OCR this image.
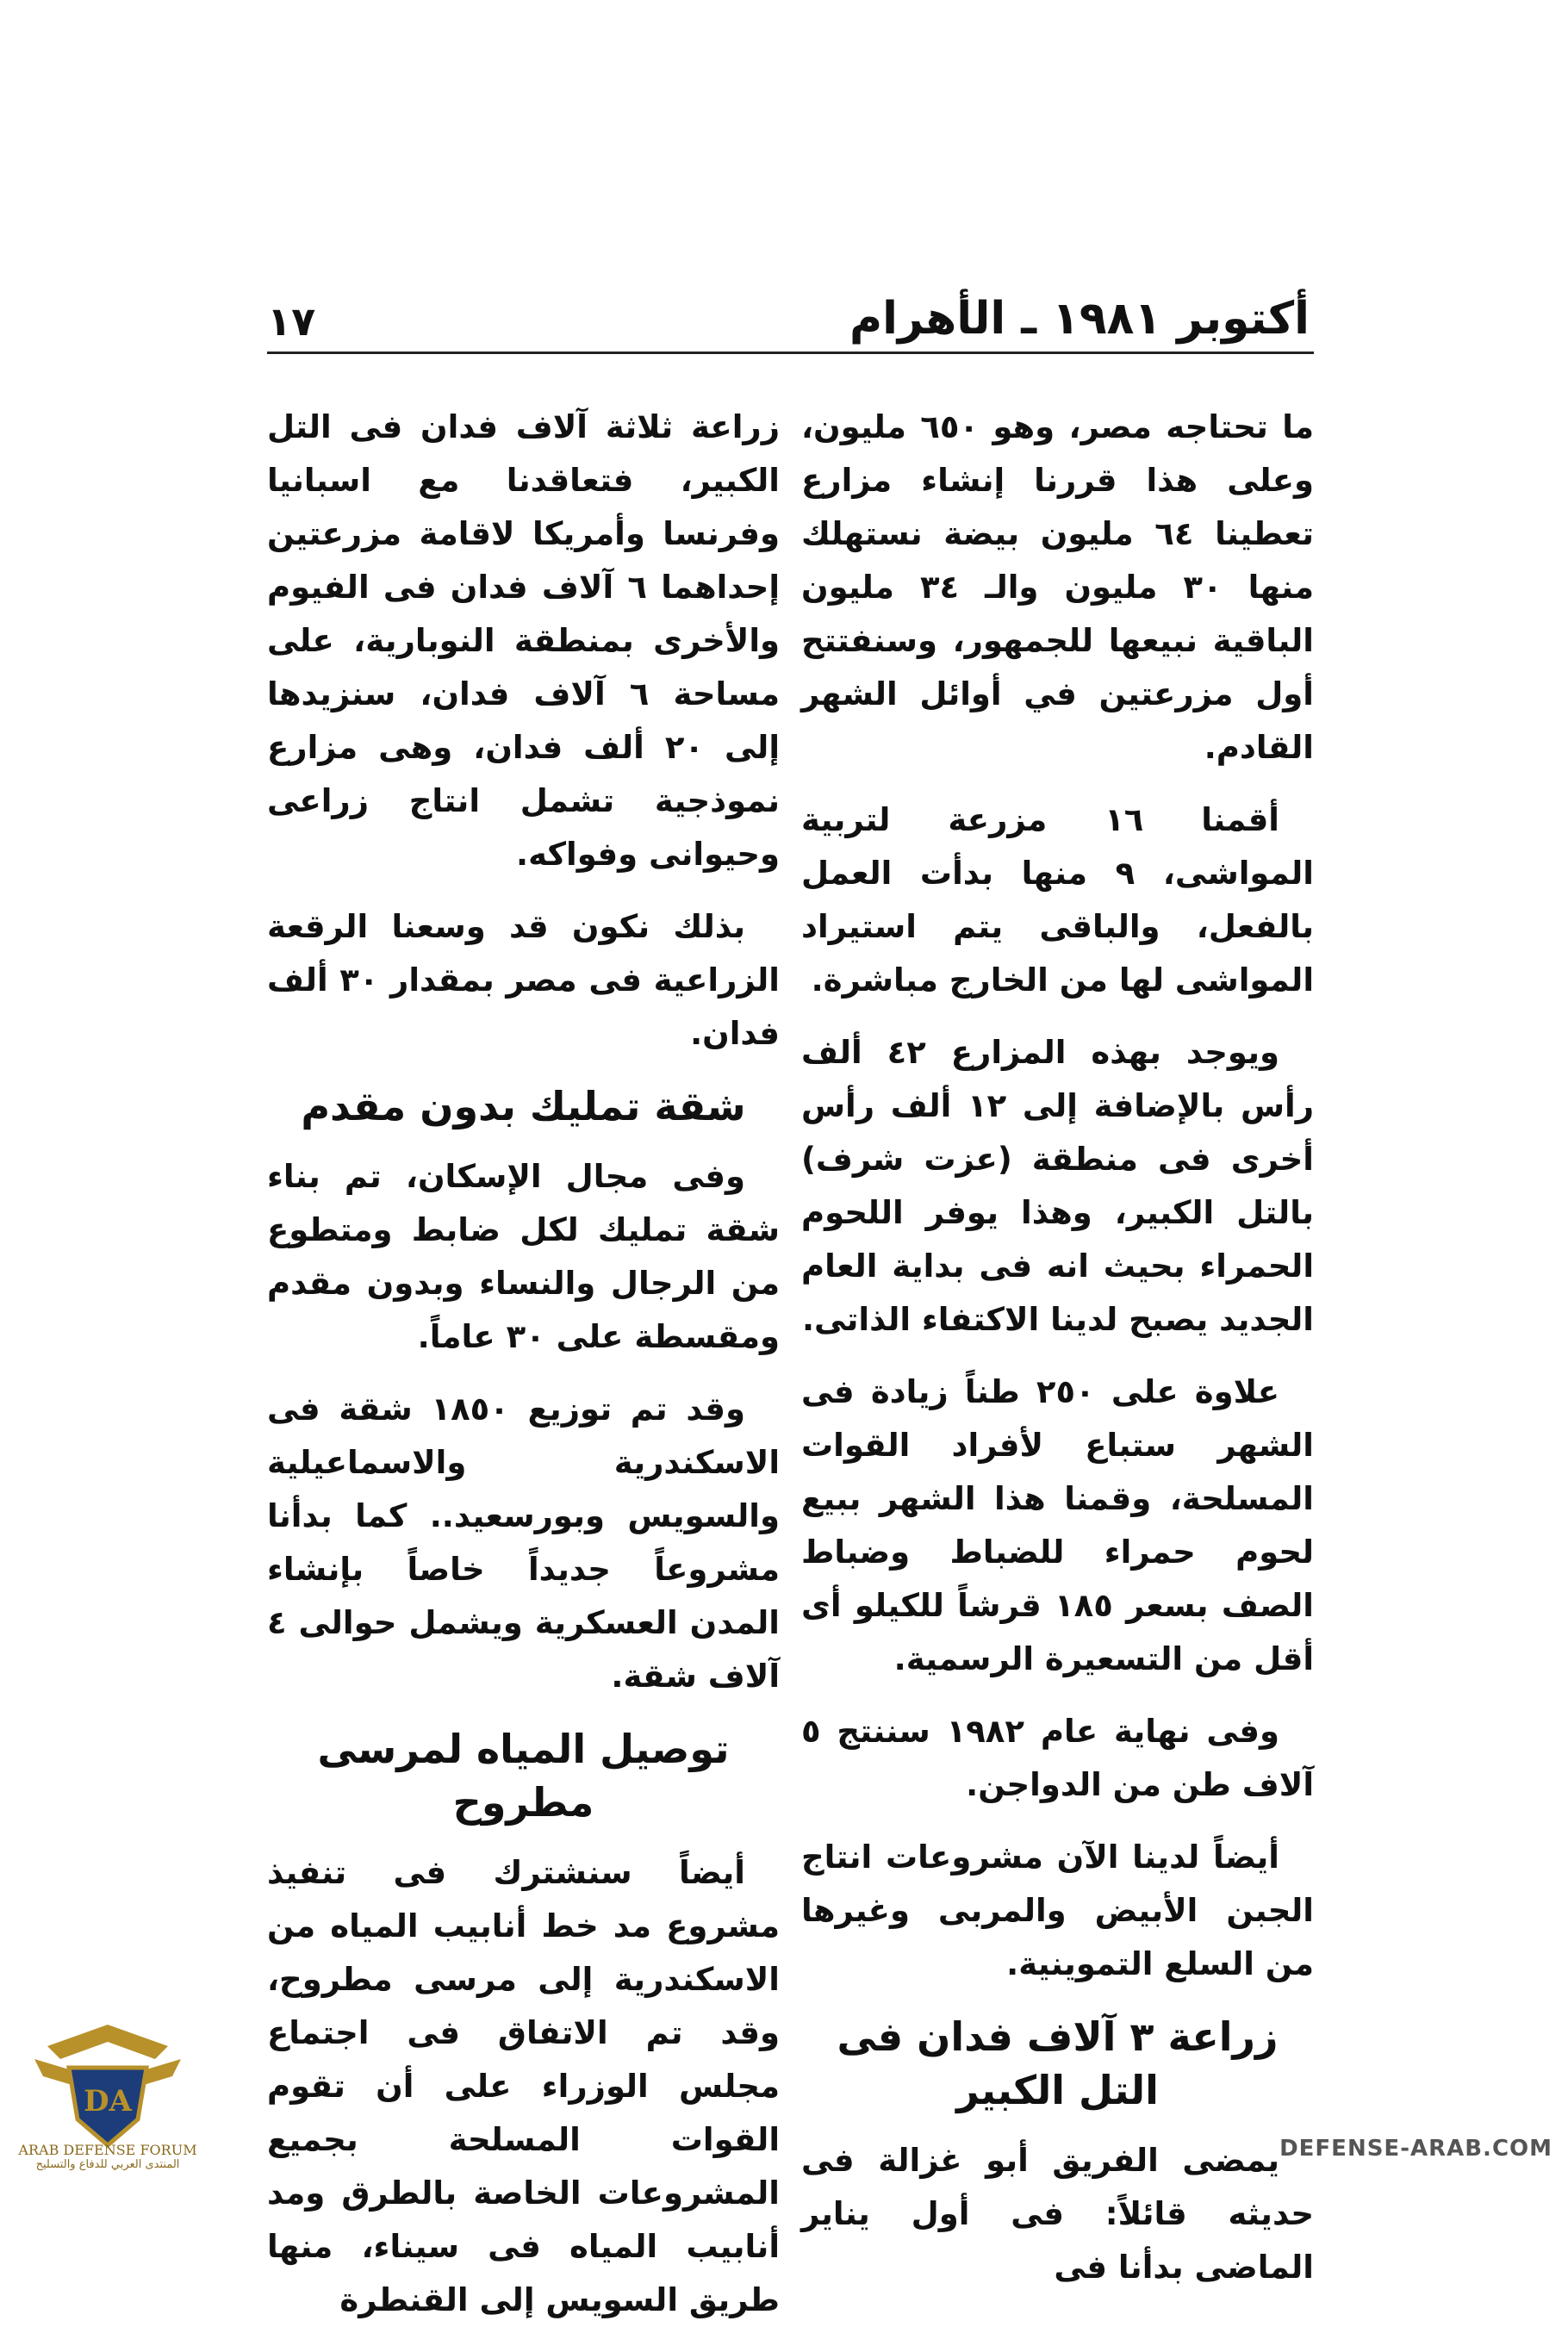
أكتوبر ١٩٨١ ـ الأهرام
١٧

ما تحتاجه مصر، وهو ٦٥٠ مليون، وعلى هذا قررنا إنشاء مزارع تعطينا ٦٤ مليون بيضة نستهلك منها ٣٠ مليون والـ ٣٤ مليون الباقية نبيعها للجمهور، وسنفتتح أول مزرعتين في أوائل الشهر القادم.

أقمنا ١٦ مزرعة لتربية المواشى، ٩ منها بدأت العمل بالفعل، والباقى يتم استيراد المواشى لها من الخارج مباشرة.

ويوجد بهذه المزارع ٤٢ ألف رأس بالإضافة إلى ١٢ ألف رأس أخرى فى منطقة (عزت شرف) بالتل الكبير، وهذا يوفر اللحوم الحمراء بحيث انه فى بداية العام الجديد يصبح لدينا الاكتفاء الذاتى.

علاوة على ٢٥٠ طناً زيادة فى الشهر ستباع لأفراد القوات المسلحة، وقمنا هذا الشهر ببيع لحوم حمراء للضباط وضباط الصف بسعر ١٨٥ قرشاً للكيلو أى أقل من التسعيرة الرسمية.

وفى نهاية عام ١٩٨٢ سننتج ٥ آلاف طن من الدواجن.

أيضاً لدينا الآن مشروعات انتاج الجبن الأبيض والمربى وغيرها من السلع التموينية.

زراعة ٣ آلاف فدان فى التل الكبير

يمضى الفريق أبو غزالة فى حديثه قائلاً: فى أول يناير الماضى بدأنا فى

زراعة ثلاثة آلاف فدان فى التل الكبير، فتعاقدنا مع اسبانيا وفرنسا وأمريكا لاقامة مزرعتين إحداهما ٦ آلاف فدان فى الفيوم والأخرى بمنطقة النوبارية، على مساحة ٦ آلاف فدان، سنزيدها إلى ٢٠ ألف فدان، وهى مزارع نموذجية تشمل انتاج زراعى وحيوانى وفواكه.

بذلك نكون قد وسعنا الرقعة الزراعية فى مصر بمقدار ٣٠ ألف فدان.

شقة تمليك بدون مقدم

وفى مجال الإسكان، تم بناء شقة تمليك لكل ضابط ومتطوع من الرجال والنساء وبدون مقدم ومقسطة على ٣٠ عاماً.

وقد تم توزيع ١٨٥٠ شقة فى الاسكندرية والاسماعيلية والسويس وبورسعيد.. كما بدأنا مشروعاً جديداً خاصاً بإنشاء المدن العسكرية ويشمل حوالى ٤ آلاف شقة.

توصيل المياه لمرسى مطروح

أيضاً سنشترك فى تنفيذ مشروع مد خط أنابيب المياه من الاسكندرية إلى مرسى مطروح، وقد تم الاتفاق فى اجتماع مجلس الوزراء على أن تقوم القوات المسلحة بجميع المشروعات الخاصة بالطرق ومد أنابيب المياه فى سيناء، منها طريق السويس إلى القنطرة

DA
ARAB DEFENSE FORUM
المنتدى العربي للدفاع والتسليح
DEFENSE-ARAB.COM
